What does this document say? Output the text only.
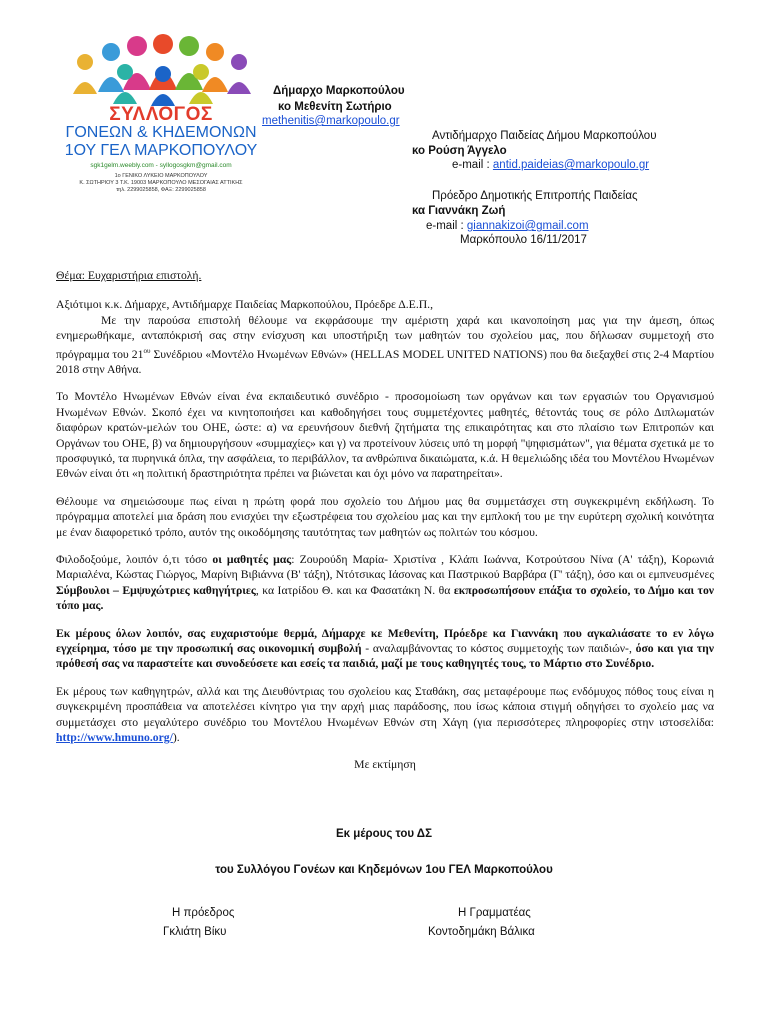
ΣΥΛΛΟΓΟΣ
ΓΟΝΕΩΝ & ΚΗΔΕΜΟΝΩΝ
1ΟΥ ΓΕΛ ΜΑΡΚΟΠΟΥΛΟΥ
sgk1gelm.weebly.com - syllogosgkm@gmail.com
1ο ΓΕΝΙΚΟ ΛΥΚΕΙΟ ΜΑΡΚΟΠΟΥΛΟΥ
Κ. ΣΩΤΗΡΙΟΥ 3 Τ.Κ. 19003 ΜΑΡΚΟΠΟΥΛΟ ΜΕΣΟΓΑΙΑΣ ΑΤΤΙΚΗΣ
τηλ. 2299025858, ΦΑΞ: 2299025858
Δήμαρχο Μαρκοπούλου
κο Μεθενίτη Σωτήριο
methenitis@markopoulo.gr
Αντιδήμαρχο Παιδείας Δήμου Μαρκοπούλου
κο Ρούση Άγγελο
e-mail : antid.paideias@markopoulo.gr
Πρόεδρο Δημοτικής Επιτροπής Παιδείας
κα Γιαννάκη Ζωή
e-mail : giannakizoi@gmail.com
Μαρκόπουλο 16/11/2017

Θέμα: Ευχαριστήρια επιστολή.

Αξιότιμοι κ.κ. Δήμαρχε, Αντιδήμαρχε Παιδείας Μαρκοπούλου, Πρόεδρε Δ.Ε.Π.,

Με την παρούσα επιστολή θέλουμε να εκφράσουμε την αμέριστη χαρά και ικανοποίηση μας για την άμεση, όπως ενημερωθήκαμε, ανταπόκρισή σας στην ενίσχυση και υποστήριξη των μαθητών του σχολείου μας, που δήλωσαν συμμετοχή στο πρόγραμμα του $21^{o\upsilon}$ Συνέδριου «Μοντέλο Ηνωμένων Εθνών» (HELLAS MODEL UNITED NATIONS) που θα διεξαχθεί στις 2-4 Μαρτίου 2018 στην Αθήνα.

Το Μοντέλο Ηνωμένων Εθνών είναι ένα εκπαιδευτικό συνέδριο - προσομοίωση των οργάνων και των εργασιών του Οργανισμού Ηνωμένων Εθνών. Σκοπό έχει να κινητοποιήσει και καθοδηγήσει τους συμμετέχοντες μαθητές, θέτοντάς τους σε ρόλο Διπλωματών διαφόρων κρατών-μελών του ΟΗΕ, ώστε: α) να ερευνήσουν διεθνή ζητήματα της επικαιρότητας και στο πλαίσιο των Επιτροπών και Οργάνων του ΟΗΕ, β) να δημιουργήσουν «συμμαχίες» και γ) να προτείνουν λύσεις υπό τη μορφή "ψηφισμάτων", για θέματα σχετικά με το προσφυγικό, τα πυρηνικά όπλα, την ασφάλεια, το περιβάλλον, τα ανθρώπινα δικαιώματα, κ.ά. Η θεμελιώδης ιδέα του Μοντέλου Ηνωμένων Εθνών είναι ότι «η πολιτική δραστηριότητα πρέπει να βιώνεται και όχι μόνο να παρατηρείται».

Θέλουμε να σημειώσουμε πως είναι η πρώτη φορά που σχολείο του Δήμου μας θα συμμετάσχει στη συγκεκριμένη εκδήλωση. Το πρόγραμμα αποτελεί μια δράση που ενισχύει την εξωστρέφεια του σχολείου μας και την εμπλοκή του με την ευρύτερη σχολική κοινότητα με έναν διαφορετικό τρόπο, αυτόν της οικοδόμησης ταυτότητας των μαθητών ως πολιτών του κόσμου.

Φιλοδοξούμε, λοιπόν ό,τι τόσο οι μαθητές μας: Ζουρούδη Μαρία- Χριστίνα , Κλάπι Ιωάννα, Κοτρούτσου Νίνα (Α' τάξη), Κορωνιά Μαριαλένα, Κώστας Γιώργος, Μαρίνη Βιβιάννα (Β' τάξη), Ντότσικας Ιάσονας και Παστρικού Βαρβάρα (Γ' τάξη), όσο και οι εμπνευσμένες Σύμβουλοι – Εμψυχώτριες καθηγήτριες, κα Ιατρίδου Θ. και κα Φασατάκη Ν. θα εκπροσωπήσουν επάξια το σχολείο, το Δήμο και τον τόπο μας.

Εκ μέρους όλων λοιπόν, σας ευχαριστούμε θερμά, Δήμαρχε κε Μεθενίτη, Πρόεδρε κα Γιαννάκη που αγκαλιάσατε το εν λόγω εγχείρημα, τόσο με την προσωπική σας οικονομική συμβολή - αναλαμβάνοντας το κόστος συμμετοχής των παιδιών-, όσο και για την πρόθεσή σας να παραστείτε και συνοδεύσετε και εσείς τα παιδιά, μαζί με τους καθηγητές τους, το Μάρτιο στο Συνέδριο.

Εκ μέρους των καθηγητρών, αλλά και της Διευθύντριας του σχολείου κας Σταθάκη, σας μεταφέρουμε πως ενδόμυχος πόθος τους είναι η συγκεκριμένη προσπάθεια να αποτελέσει κίνητρο για την αρχή μιας παράδοσης, που ίσως κάποια στιγμή οδηγήσει το σχολείο μας να συμμετάσχει στο μεγαλύτερο συνέδριο του Μοντέλου Ηνωμένων Εθνών στη Χάγη (για περισσότερες πληροφορίες στην ιστοσελίδα: http://www.hmuno.org/).

Με εκτίμηση

Εκ μέρους του ΔΣ
του Συλλόγου Γονέων και Κηδεμόνων 1ου ΓΕΛ Μαρκοπούλου
Η πρόεδρος
Γκλιάτη Βίκυ
Η Γραμματέας
Κοντοδημάκη Βάλικα
